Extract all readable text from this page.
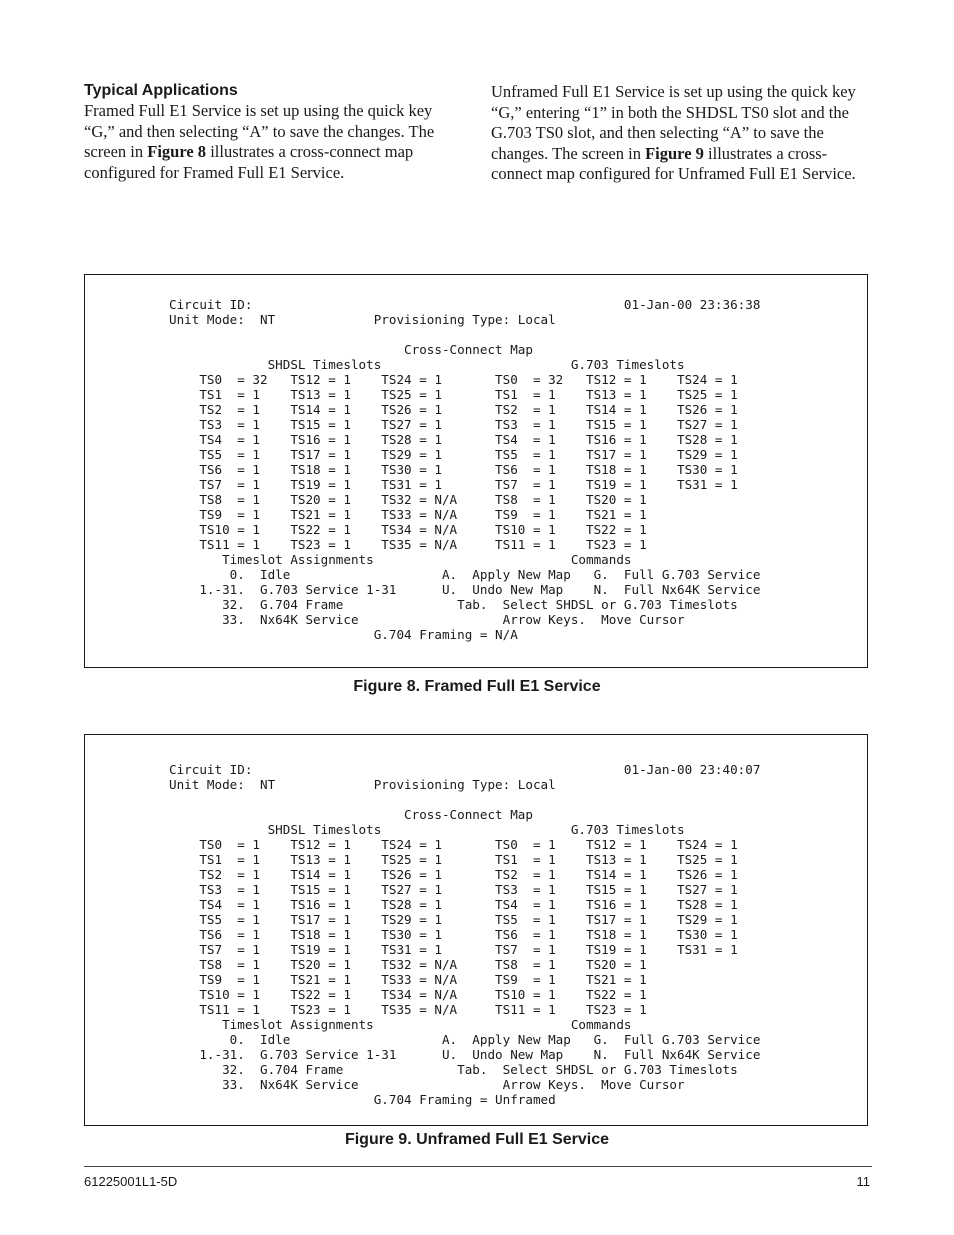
Typical Applications

Framed Full E1 Service is set up using the quick key “G,” and then selecting “A” to save the changes. The screen in Figure 8 illustrates a cross-connect map configured for Framed Full E1 Service.

Unframed Full E1 Service is set up using the quick key “G,” entering “1” in both the SHDSL TS0 slot and the G.703 TS0 slot, and then selecting “A” to save the changes. The screen in Figure 9 illustrates a cross-connect map configured for Unframed Full E1 Service.

Circuit ID:                                                 01-Jan-00 23:36:38
Unit Mode:  NT             Provisioning Type: Local

Cross-Connect Map
SHDSL Timeslots                         G.703 Timeslots
TS0  = 32   TS12 = 1    TS24 = 1       TS0  = 32   TS12 = 1    TS24 = 1
TS1  = 1    TS13 = 1    TS25 = 1       TS1  = 1    TS13 = 1    TS25 = 1
TS2  = 1    TS14 = 1    TS26 = 1       TS2  = 1    TS14 = 1    TS26 = 1
TS3  = 1    TS15 = 1    TS27 = 1       TS3  = 1    TS15 = 1    TS27 = 1
TS4  = 1    TS16 = 1    TS28 = 1       TS4  = 1    TS16 = 1    TS28 = 1
TS5  = 1    TS17 = 1    TS29 = 1       TS5  = 1    TS17 = 1    TS29 = 1
TS6  = 1    TS18 = 1    TS30 = 1       TS6  = 1    TS18 = 1    TS30 = 1
TS7  = 1    TS19 = 1    TS31 = 1       TS7  = 1    TS19 = 1    TS31 = 1
TS8  = 1    TS20 = 1    TS32 = N/A     TS8  = 1    TS20 = 1
TS9  = 1    TS21 = 1    TS33 = N/A     TS9  = 1    TS21 = 1
TS10 = 1    TS22 = 1    TS34 = N/A     TS10 = 1    TS22 = 1
TS11 = 1    TS23 = 1    TS35 = N/A     TS11 = 1    TS23 = 1
Timeslot Assignments                          Commands
0.  Idle                    A.  Apply New Map   G.  Full G.703 Service
1.-31.  G.703 Service 1-31      U.  Undo New Map    N.  Full Nx64K Service
32.  G.704 Frame               Tab.  Select SHDSL or G.703 Timeslots
33.  Nx64K Service                   Arrow Keys.  Move Cursor
G.704 Framing = N/A
Figure 8. Framed Full E1 Service
Circuit ID:                                                 01-Jan-00 23:40:07
Unit Mode:  NT             Provisioning Type: Local

Cross-Connect Map
SHDSL Timeslots                         G.703 Timeslots
TS0  = 1    TS12 = 1    TS24 = 1       TS0  = 1    TS12 = 1    TS24 = 1
TS1  = 1    TS13 = 1    TS25 = 1       TS1  = 1    TS13 = 1    TS25 = 1
TS2  = 1    TS14 = 1    TS26 = 1       TS2  = 1    TS14 = 1    TS26 = 1
TS3  = 1    TS15 = 1    TS27 = 1       TS3  = 1    TS15 = 1    TS27 = 1
TS4  = 1    TS16 = 1    TS28 = 1       TS4  = 1    TS16 = 1    TS28 = 1
TS5  = 1    TS17 = 1    TS29 = 1       TS5  = 1    TS17 = 1    TS29 = 1
TS6  = 1    TS18 = 1    TS30 = 1       TS6  = 1    TS18 = 1    TS30 = 1
TS7  = 1    TS19 = 1    TS31 = 1       TS7  = 1    TS19 = 1    TS31 = 1
TS8  = 1    TS20 = 1    TS32 = N/A     TS8  = 1    TS20 = 1
TS9  = 1    TS21 = 1    TS33 = N/A     TS9  = 1    TS21 = 1
TS10 = 1    TS22 = 1    TS34 = N/A     TS10 = 1    TS22 = 1
TS11 = 1    TS23 = 1    TS35 = N/A     TS11 = 1    TS23 = 1
Timeslot Assignments                          Commands
0.  Idle                    A.  Apply New Map   G.  Full G.703 Service
1.-31.  G.703 Service 1-31      U.  Undo New Map    N.  Full Nx64K Service
32.  G.704 Frame               Tab.  Select SHDSL or G.703 Timeslots
33.  Nx64K Service                   Arrow Keys.  Move Cursor
G.704 Framing = Unframed
Figure 9. Unframed Full E1 Service
61225001L1-5D	11
